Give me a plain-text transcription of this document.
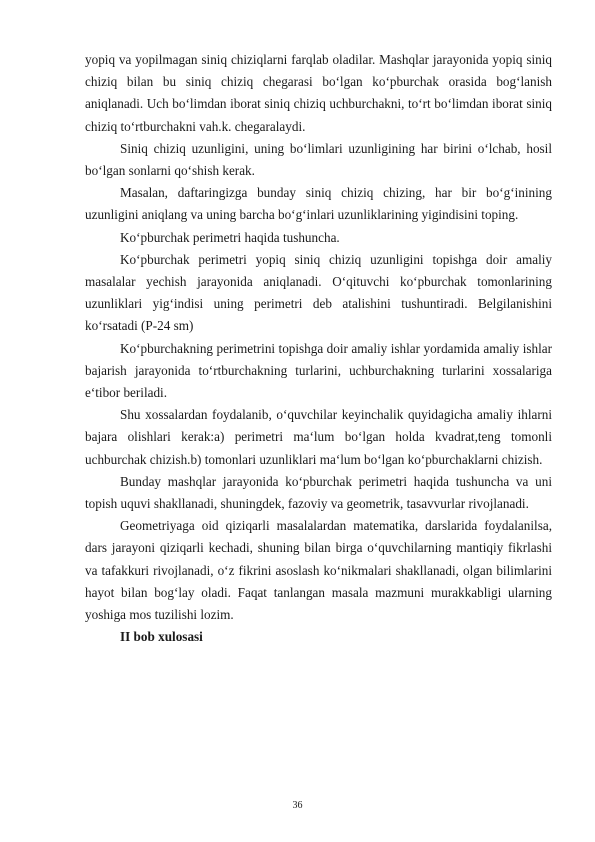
yopiq va yopilmagan siniq chiziqlarni farqlab oladilar. Mashqlar jarayonida yopiq siniq chiziq bilan bu siniq chiziq chegarasi bo‘lgan ko‘pburchak orasida bog‘lanish aniqlanadi. Uch bo‘limdan iborat siniq chiziq uchburchakni, to‘rt bo‘limdan iborat siniq chiziq to‘rtburchakni vah.k. chegaralaydi.

Siniq chiziq uzunligini, uning bo‘limlari uzunligining har birini o‘lchab, hosil bo‘lgan sonlarni qo‘shish kerak.

Masalan, daftaringizga bunday siniq chiziq chizing, har bir bo‘g‘inining uzunligini aniqlang va uning barcha bo‘g‘inlari uzunliklarining yigindisini toping.

Ko‘pburchak perimetri haqida tushuncha.

Ko‘pburchak perimetri yopiq siniq chiziq uzunligini topishga doir amaliy masalalar yechish jarayonida aniqlanadi. O‘qituvchi ko‘pburchak tomonlarining uzunliklari yig‘indisi uning perimetri deb atalishini tushuntiradi. Belgilanishini ko‘rsatadi (P-24 sm)

Ko‘pburchakning perimetrini topishga doir amaliy ishlar yordamida amaliy ishlar bajarish jarayonida to‘rtburchakning turlarini, uchburchakning turlarini xossalariga e‘tibor beriladi.

Shu xossalardan foydalanib, o‘quvchilar keyinchalik quyidagicha amaliy ihlarni bajara olishlari kerak:a) perimetri ma‘lum bo‘lgan holda kvadrat,teng tomonli uchburchak chizish.b) tomonlari uzunliklari ma‘lum bo‘lgan ko‘pburchaklarni chizish.

Bunday mashqlar jarayonida ko‘pburchak perimetri haqida tushuncha va uni topish uquvi shakllanadi, shuningdek, fazoviy va geometrik, tasavvurlar rivojlanadi.

Geometriyaga oid qiziqarli masalalardan matematika, darslarida foydalanilsa, dars jarayoni qiziqarli kechadi, shuning bilan birga o‘quvchilarning mantiqiy fikrlashi va tafakkuri rivojlanadi, o‘z fikrini asoslash ko‘nikmalari shakllanadi, olgan bilimlarini hayot bilan bog‘lay oladi. Faqat tanlangan masala mazmuni murakkabligi ularning yoshiga mos tuzilishi lozim.

II bob xulosasi
36
